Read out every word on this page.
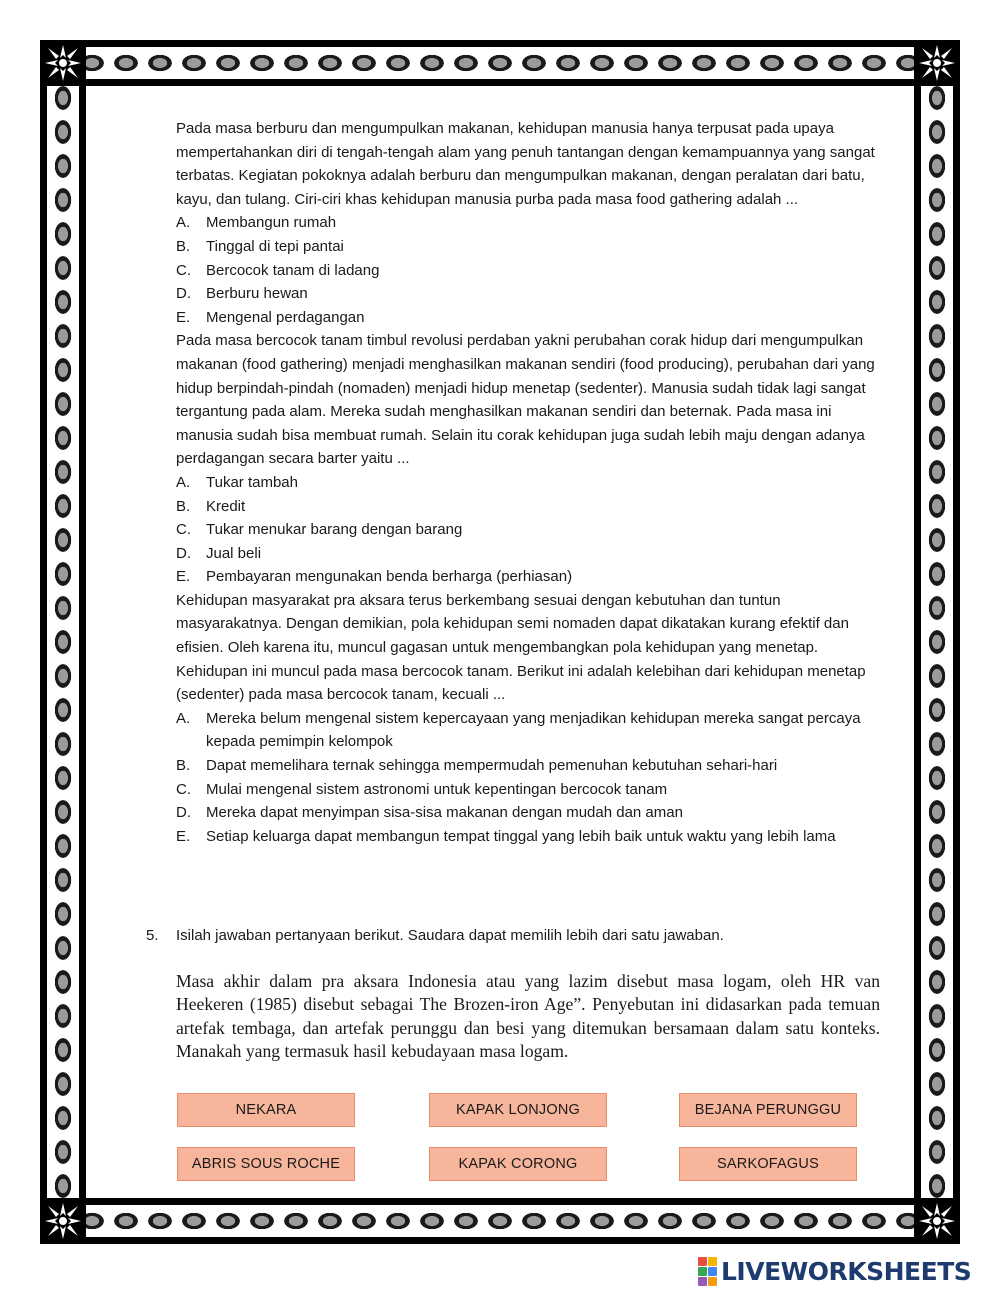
Pada masa berburu dan mengumpulkan makanan, kehidupan manusia hanya terpusat pada upaya mempertahankan diri di tengah-tengah alam yang penuh tantangan dengan kemampuannya yang sangat terbatas. Kegiatan pokoknya adalah berburu dan mengumpulkan makanan, dengan peralatan dari batu, kayu, dan tulang. Ciri-ciri khas kehidupan manusia purba pada masa food gathering adalah ...

A.	Membangun rumah
B.	Tinggal di tepi pantai
C.	Bercocok tanam di ladang
D.	Berburu hewan
E.	Mengenal perdagangan

Pada masa bercocok tanam timbul revolusi perdaban yakni perubahan corak hidup dari mengumpulkan makanan (food gathering) menjadi menghasilkan makanan sendiri (food producing), perubahan dari yang hidup berpindah-pindah (nomaden) menjadi hidup menetap (sedenter). Manusia sudah tidak lagi sangat tergantung pada alam. Mereka sudah menghasilkan makanan sendiri dan beternak. Pada masa ini manusia sudah bisa membuat rumah. Selain itu corak kehidupan juga sudah lebih maju dengan adanya perdagangan secara barter yaitu ...

A.	Tukar tambah
B.	Kredit
C.	Tukar menukar barang dengan barang
D.	Jual beli
E.	Pembayaran mengunakan benda berharga (perhiasan)

Kehidupan masyarakat pra aksara terus berkembang sesuai dengan kebutuhan dan tuntun masyarakatnya. Dengan demikian, pola kehidupan semi nomaden dapat dikatakan kurang efektif dan efisien. Oleh karena itu, muncul gagasan untuk mengembangkan pola kehidupan yang menetap. Kehidupan ini muncul pada masa bercocok tanam. Berikut ini adalah kelebihan dari kehidupan menetap (sedenter) pada masa bercocok tanam, kecuali ...

A.	Mereka belum mengenal sistem kepercayaan yang menjadikan kehidupan mereka sangat percaya kepada pemimpin kelompok
B.	Dapat memelihara ternak sehingga mempermudah pemenuhan kebutuhan sehari-hari
C.	Mulai mengenal sistem astronomi untuk kepentingan bercocok tanam
D.	Mereka dapat menyimpan sisa-sisa makanan dengan mudah dan aman
E.	Setiap keluarga dapat membangun tempat tinggal yang lebih baik untuk waktu yang lebih lama
5.	Isilah jawaban pertanyaan berikut. Saudara dapat memilih lebih dari satu jawaban.

Masa akhir dalam pra aksara Indonesia atau yang lazim disebut masa logam, oleh HR van Heekeren (1985) disebut sebagai The Brozen-iron Age”. Penyebutan ini didasarkan pada temuan artefak tembaga, dan artefak perunggu dan besi yang ditemukan bersamaan dalam satu konteks. Manakah yang termasuk hasil kebudayaan masa logam.

NEKARA	KAPAK LONJONG	BEJANA PERUNGGU
ABRIS SOUS ROCHE	KAPAK CORONG	SARKOFAGUS
LIVEWORKSHEETS
